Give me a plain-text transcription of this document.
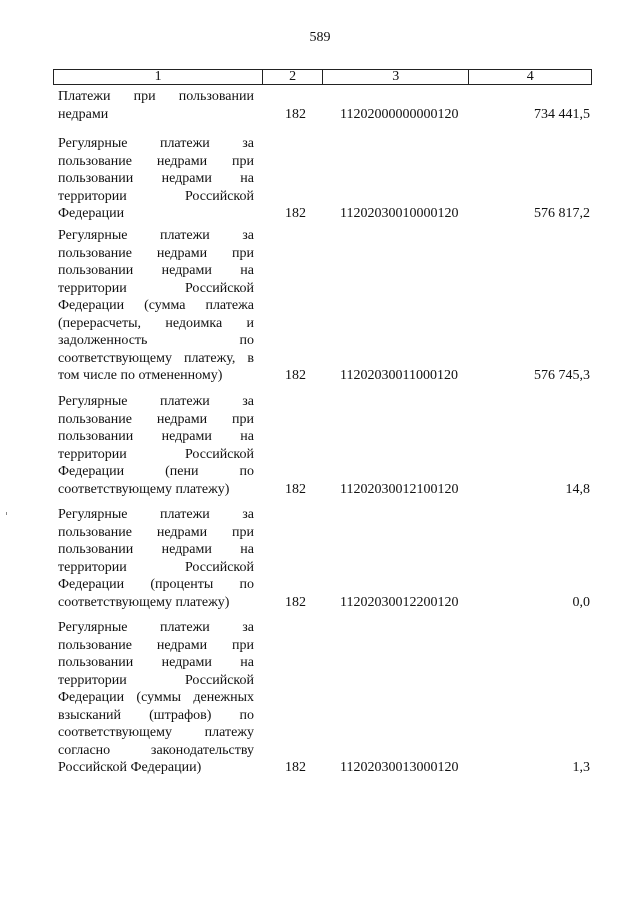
589
1	2	3	4
Платежи при пользовании
недрами	182	11202000000000120	734 441,5
Регулярные платежи за
пользование недрами при
пользовании недрами на
территории Российской
Федерации	182	11202030010000120	576 817,2
Регулярные платежи за
пользование недрами при
пользовании недрами на
территории Российской
Федерации (сумма платежа
(перерасчеты, недоимка и
задолженность по
соответствующему платежу, в
том числе по отмененному)	182	11202030011000120	576 745,3
Регулярные платежи за
пользование недрами при
пользовании недрами на
территории Российской
Федерации (пени по
соответствующему платежу)	182	11202030012100120	14,8
Регулярные платежи за
пользование недрами при
пользовании недрами на
территории Российской
Федерации (проценты по
соответствующему платежу)	182	11202030012200120	0,0
Регулярные платежи за
пользование недрами при
пользовании недрами на
территории Российской
Федерации (суммы денежных
взысканий (штрафов) по
соответствующему платежу
согласно законодательству
Российской Федерации)	182	11202030013000120	1,3
